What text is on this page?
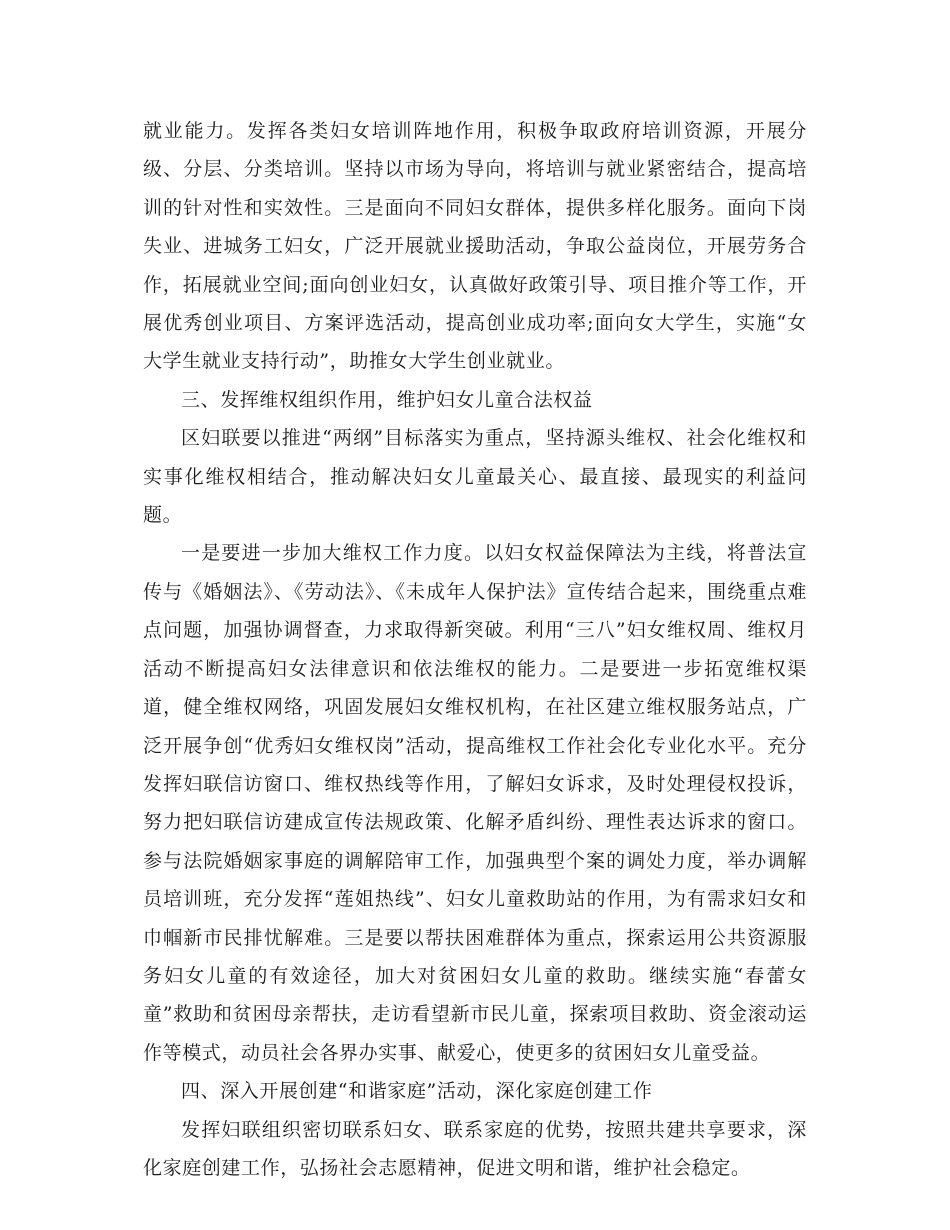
就业能力。发挥各类妇女培训阵地作用，积极争取政府培训资源，开展分级、分层、分类培训。坚持以市场为导向，将培训与就业紧密结合，提高培训的针对性和实效性。三是面向不同妇女群体，提供多样化服务。面向下岗失业、进城务工妇女，广泛开展就业援助活动，争取公益岗位，开展劳务合作，拓展就业空间;面向创业妇女，认真做好政策引导、项目推介等工作，开展优秀创业项目、方案评选活动，提高创业成功率;面向女大学生，实施“女大学生就业支持行动”，助推女大学生创业就业。

三、发挥维权组织作用，维护妇女儿童合法权益

区妇联要以推进“两纲”目标落实为重点，坚持源头维权、社会化维权和实事化维权相结合，推动解决妇女儿童最关心、最直接、最现实的利益问题。

一是要进一步加大维权工作力度。以妇女权益保障法为主线，将普法宣传与《婚姻法》、《劳动法》、《未成年人保护法》宣传结合起来，围绕重点难点问题，加强协调督查，力求取得新突破。利用“三八”妇女维权周、维权月活动不断提高妇女法律意识和依法维权的能力。二是要进一步拓宽维权渠道，健全维权网络，巩固发展妇女维权机构，在社区建立维权服务站点，广泛开展争创“优秀妇女维权岗”活动，提高维权工作社会化专业化水平。充分发挥妇联信访窗口、维权热线等作用，了解妇女诉求，及时处理侵权投诉，努力把妇联信访建成宣传法规政策、化解矛盾纠纷、理性表达诉求的窗口。参与法院婚姻家事庭的调解陪审工作，加强典型个案的调处力度，举办调解员培训班，充分发挥“莲姐热线”、妇女儿童救助站的作用，为有需求妇女和巾帼新市民排忧解难。三是要以帮扶困难群体为重点，探索运用公共资源服务妇女儿童的有效途径，加大对贫困妇女儿童的救助。继续实施“春蕾女童”救助和贫困母亲帮扶，走访看望新市民儿童，探索项目救助、资金滚动运作等模式，动员社会各界办实事、献爱心，使更多的贫困妇女儿童受益。

四、深入开展创建“和谐家庭”活动，深化家庭创建工作

发挥妇联组织密切联系妇女、联系家庭的优势，按照共建共享要求，深化家庭创建工作，弘扬社会志愿精神，促进文明和谐，维护社会稳定。
